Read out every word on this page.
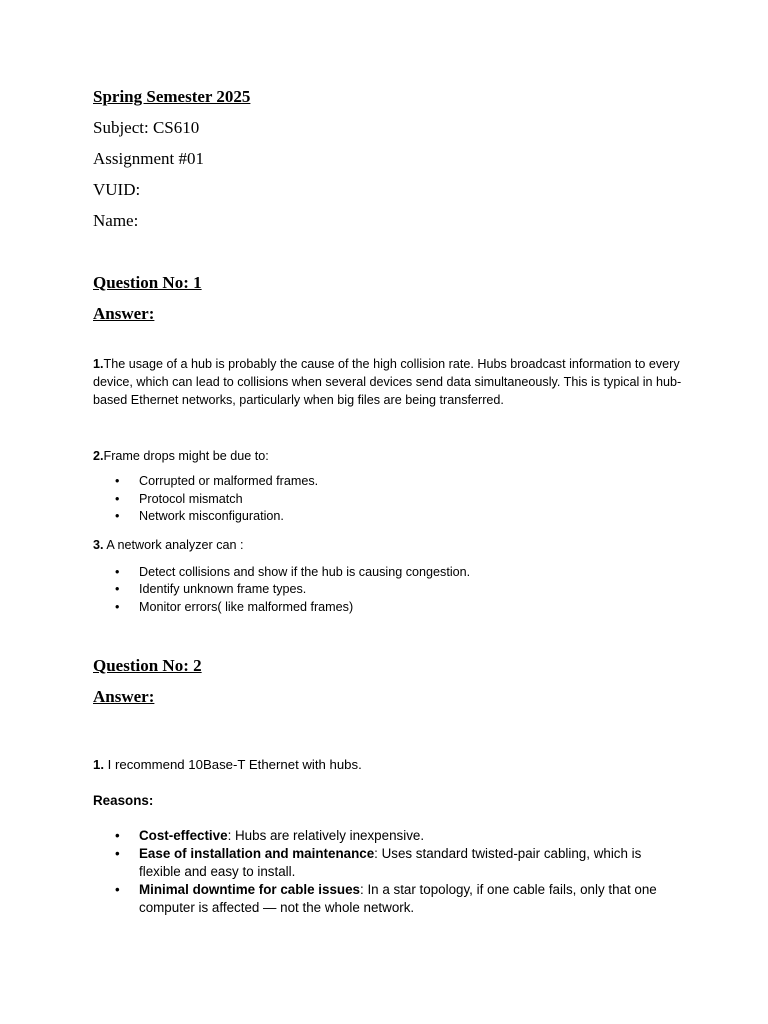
Spring Semester 2025

Subject: CS610

Assignment #01

VUID:

Name:

Question No: 1

Answer:

1.The usage of a hub is probably the cause of the high collision rate. Hubs broadcast information to every device, which can lead to collisions when several devices send data simultaneously. This is typical in hub-based Ethernet networks, particularly when big files are being transferred.

2.Frame drops might be due to:

• Corrupted or malformed frames.
• Protocol mismatch
• Network misconfiguration.

3. A network analyzer can :

• Detect collisions and show if the hub is causing congestion.
• Identify unknown frame types.
• Monitor errors( like malformed frames)

Question No: 2

Answer:

1. I recommend 10Base-T Ethernet with hubs.

Reasons:

• Cost-effective: Hubs are relatively inexpensive.
• Ease of installation and maintenance: Uses standard twisted-pair cabling, which is flexible and easy to install.
• Minimal downtime for cable issues: In a star topology, if one cable fails, only that one computer is affected — not the whole network.
